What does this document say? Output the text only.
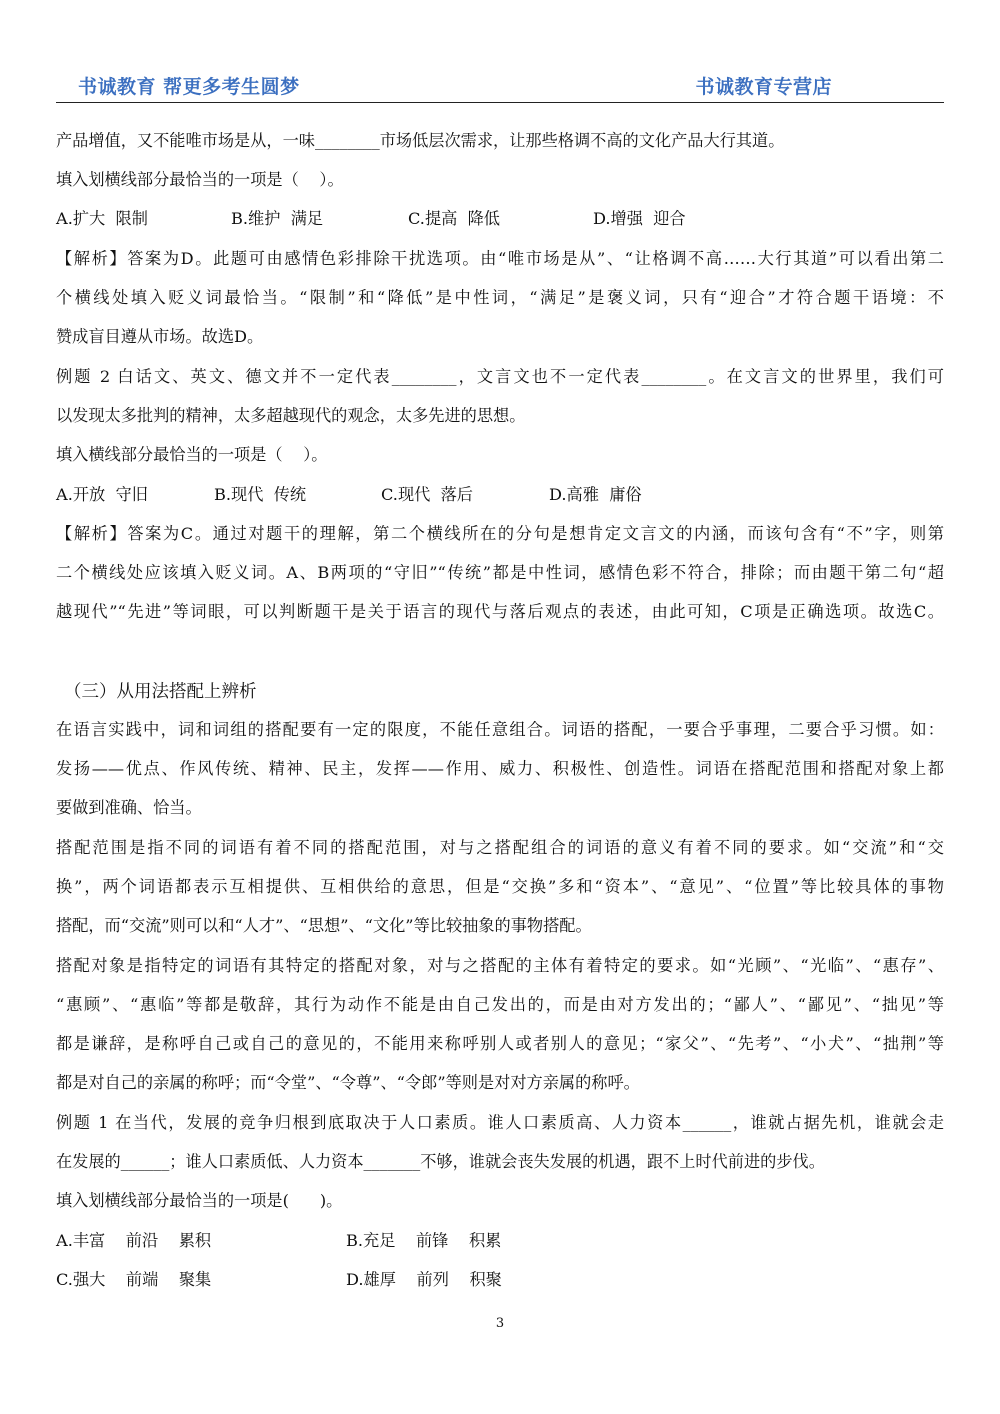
书诚教育 帮更多考生圆梦	书诚教育专营店
产品增值，又不能唯市场是从，一味________市场低层次需求，让那些格调不高的文化产品大行其道。
填入划横线部分最恰当的一项是（    ）。
A.扩大  限制	B.维护  满足	C.提高  降低	D.增强  迎合
【解析】答案为D。此题可由感情色彩排除干扰选项。由“唯市场是从”、“让格调不高……大行其道”可以看出第二
个横线处填入贬义词最恰当。“限制”和“降低”是中性词，“满足”是褒义词，只有“迎合”才符合题干语境：不
赞成盲目遵从市场。故选D。
例题 2 白话文、英文、德文并不一定代表________，文言文也不一定代表________。在文言文的世界里，我们可
以发现太多批判的精神，太多超越现代的观念，太多先进的思想。
填入横线部分最恰当的一项是（    ）。
A.开放  守旧	B.现代  传统	C.现代  落后	D.高雅  庸俗
【解析】答案为C。通过对题干的理解，第二个横线所在的分句是想肯定文言文的内涵，而该句含有“不”字，则第
二个横线处应该填入贬义词。A、B两项的“守旧”“传统”都是中性词，感情色彩不符合，排除；而由题干第二句“超
越现代”“先进”等词眼，可以判断题干是关于语言的现代与落后观点的表述，由此可知，C项是正确选项。故选C。
（三）从用法搭配上辨析
在语言实践中，词和词组的搭配要有一定的限度，不能任意组合。词语的搭配，一要合乎事理，二要合乎习惯。如：
发扬——优点、作风传统、精神、民主，发挥——作用、威力、积极性、创造性。词语在搭配范围和搭配对象上都
要做到准确、恰当。
搭配范围是指不同的词语有着不同的搭配范围，对与之搭配组合的词语的意义有着不同的要求。如“交流”和“交
换”，两个词语都表示互相提供、互相供给的意思，但是“交换”多和“资本”、“意见”、“位置”等比较具体的事物
搭配，而“交流”则可以和“人才”、“思想”、“文化”等比较抽象的事物搭配。
搭配对象是指特定的词语有其特定的搭配对象，对与之搭配的主体有着特定的要求。如“光顾”、“光临”、“惠存”、
“惠顾”、“惠临”等都是敬辞，其行为动作不能是由自己发出的，而是由对方发出的；“鄙人”、“鄙见”、“拙见”等
都是谦辞，是称呼自己或自己的意见的，不能用来称呼别人或者别人的意见；“家父”、“先考”、“小犬”、“拙荆”等
都是对自己的亲属的称呼；而“令堂”、“令尊”、“令郎”等则是对对方亲属的称呼。
例题 1 在当代，发展的竞争归根到底取决于人口素质。谁人口素质高、人力资本______，谁就占据先机，谁就会走
在发展的______；谁人口素质低、人力资本_______不够，谁就会丧失发展的机遇，跟不上时代前进的步伐。
填入划横线部分最恰当的一项是(      )。
A.丰富    前沿    累积	B.充足    前锋    积累
C.强大    前端    聚集	D.雄厚    前列    积聚
3
